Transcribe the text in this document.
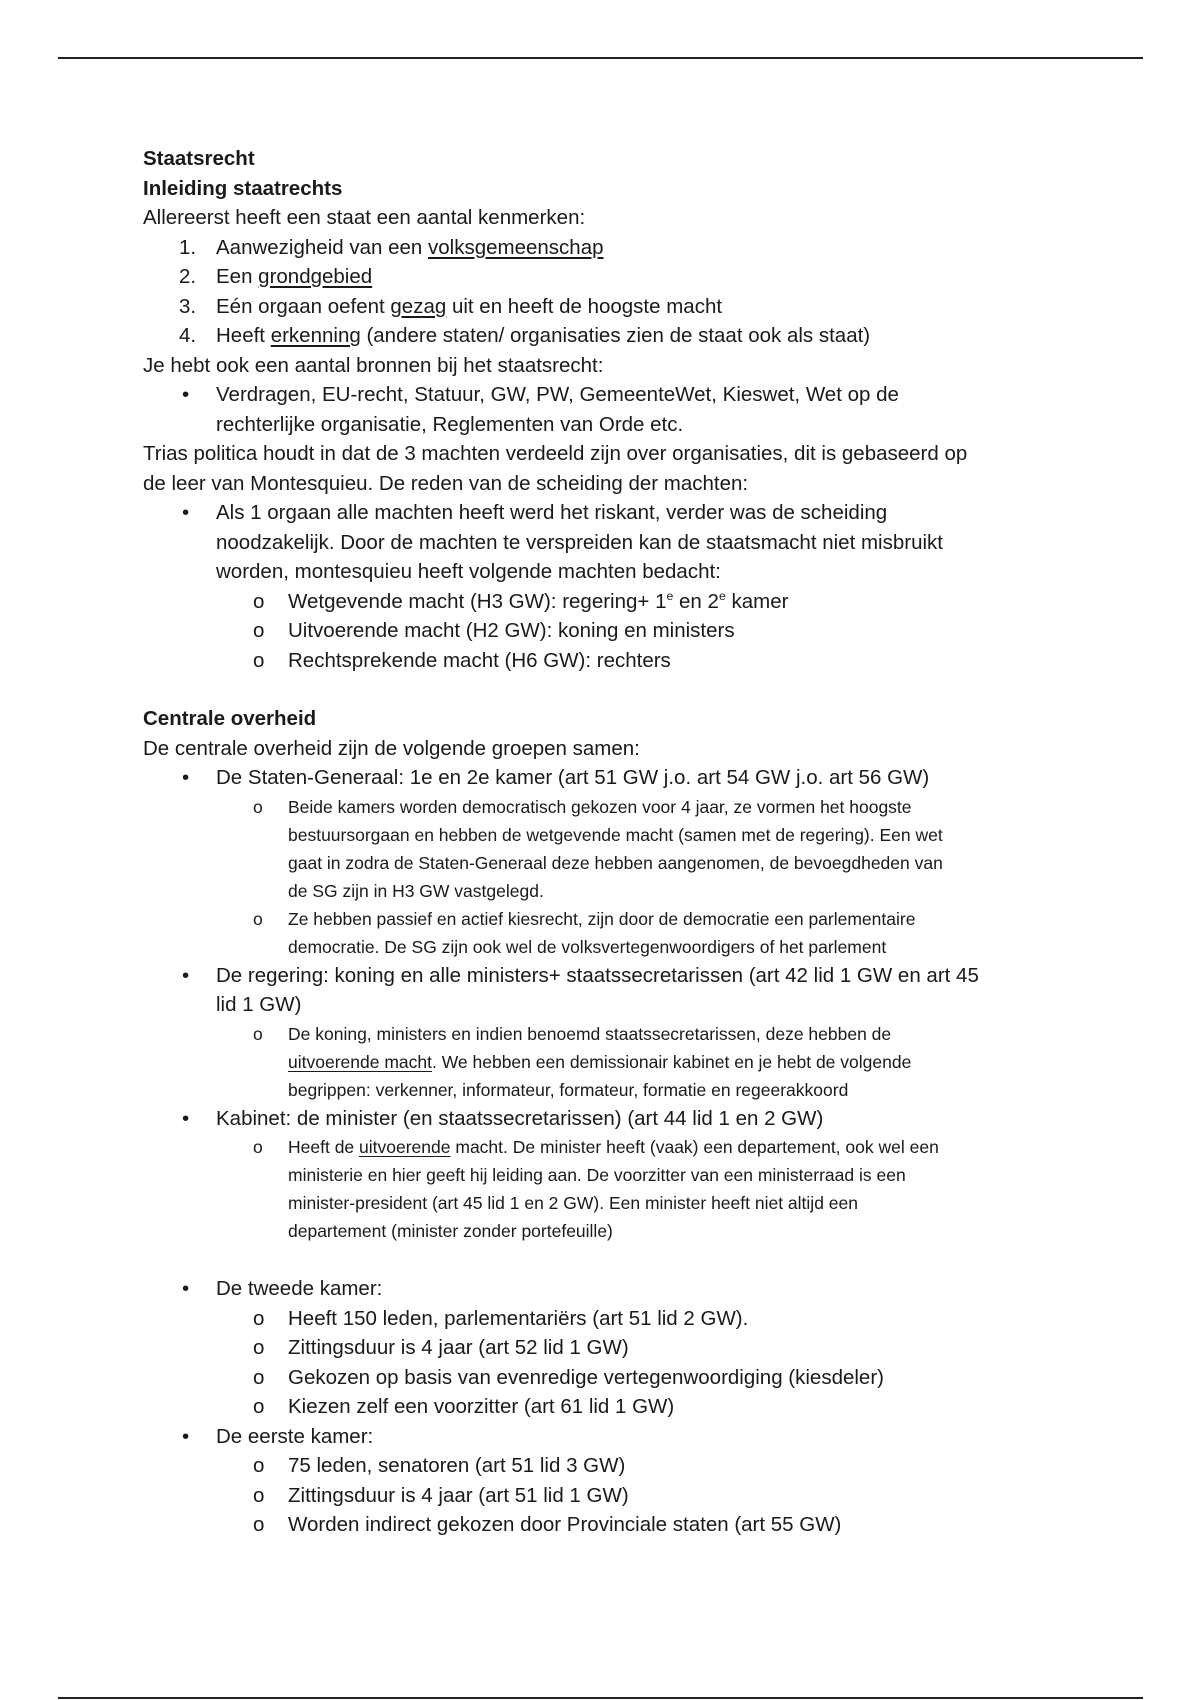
Staatsrecht

Inleiding staatrechts

Allereerst heeft een staat een aantal kenmerken:

1. Aanwezigheid van een volksgemeenschap
2. Een grondgebied
3. Eén orgaan oefent gezag uit en heeft de hoogste macht
4. Heeft erkenning (andere staten/ organisaties zien de staat ook als staat)

Je hebt ook een aantal bronnen bij het staatsrecht:

• Verdragen, EU-recht, Statuur, GW, PW, GemeenteWet, Kieswet, Wet op de
rechterlijke organisatie, Reglementen van Orde etc.
Trias politica houdt in dat de 3 machten verdeeld zijn over organisaties, dit is gebaseerd op
de leer van Montesquieu. De reden van de scheiding der machten:
• Als 1 orgaan alle machten heeft werd het riskant, verder was de scheiding
noodzakelijk. Door de machten te verspreiden kan de staatsmacht niet misbruikt
worden, montesquieu heeft volgende machten bedacht:
o Wetgevende macht (H3 GW): regering+ $1^e$ en 2e kamer
o Uitvoerende macht (H2 GW): koning en ministers
o Rechtsprekende macht (H6 GW): rechters

Centrale overheid

De centrale overheid zijn de volgende groepen samen:

• De Staten-Generaal: 1e en 2e kamer (art 51 GW j.o. art 54 GW j.o. art 56 GW)
o Beide kamers worden democratisch gekozen voor 4 jaar, ze vormen het hoogste
bestuursorgaan en hebben de wetgevende macht (samen met de regering). Een wet
gaat in zodra de Staten-Generaal deze hebben aangenomen, de bevoegdheden van
de SG zijn in H3 GW vastgelegd.
o Ze hebben passief en actief kiesrecht, zijn door de democratie een parlementaire
democratie. De SG zijn ook wel de volksvertegenwoordigers of het parlement
• De regering: koning en alle ministers+ staatssecretarissen (art 42 lid 1 GW en art 45
lid 1 GW)
o De koning, ministers en indien benoemd staatssecretarissen, deze hebben de
uitvoerende macht. We hebben een demissionair kabinet en je hebt de volgende
begrippen: verkenner, informateur, formateur, formatie en regeerakkoord
• Kabinet: de minister (en staatssecretarissen) (art 44 lid 1 en 2 GW)
o Heeft de uitvoerende macht. De minister heeft (vaak) een departement, ook wel een
ministerie en hier geeft hij leiding aan. De voorzitter van een ministerraad is een
minister-president (art 45 lid 1 en 2 GW). Een minister heeft niet altijd een
departement (minister zonder portefeuille)
• De tweede kamer:
o Heeft 150 leden, parlementariërs (art 51 lid 2 GW).
o Zittingsduur is 4 jaar (art 52 lid 1 GW)
o Gekozen op basis van evenredige vertegenwoordiging (kiesdeler)
o Kiezen zelf een voorzitter (art 61 lid 1 GW)
• De eerste kamer:
o 75 leden, senatoren (art 51 lid 3 GW)
o Zittingsduur is 4 jaar (art 51 lid 1 GW)
o Worden indirect gekozen door Provinciale staten (art 55 GW)
